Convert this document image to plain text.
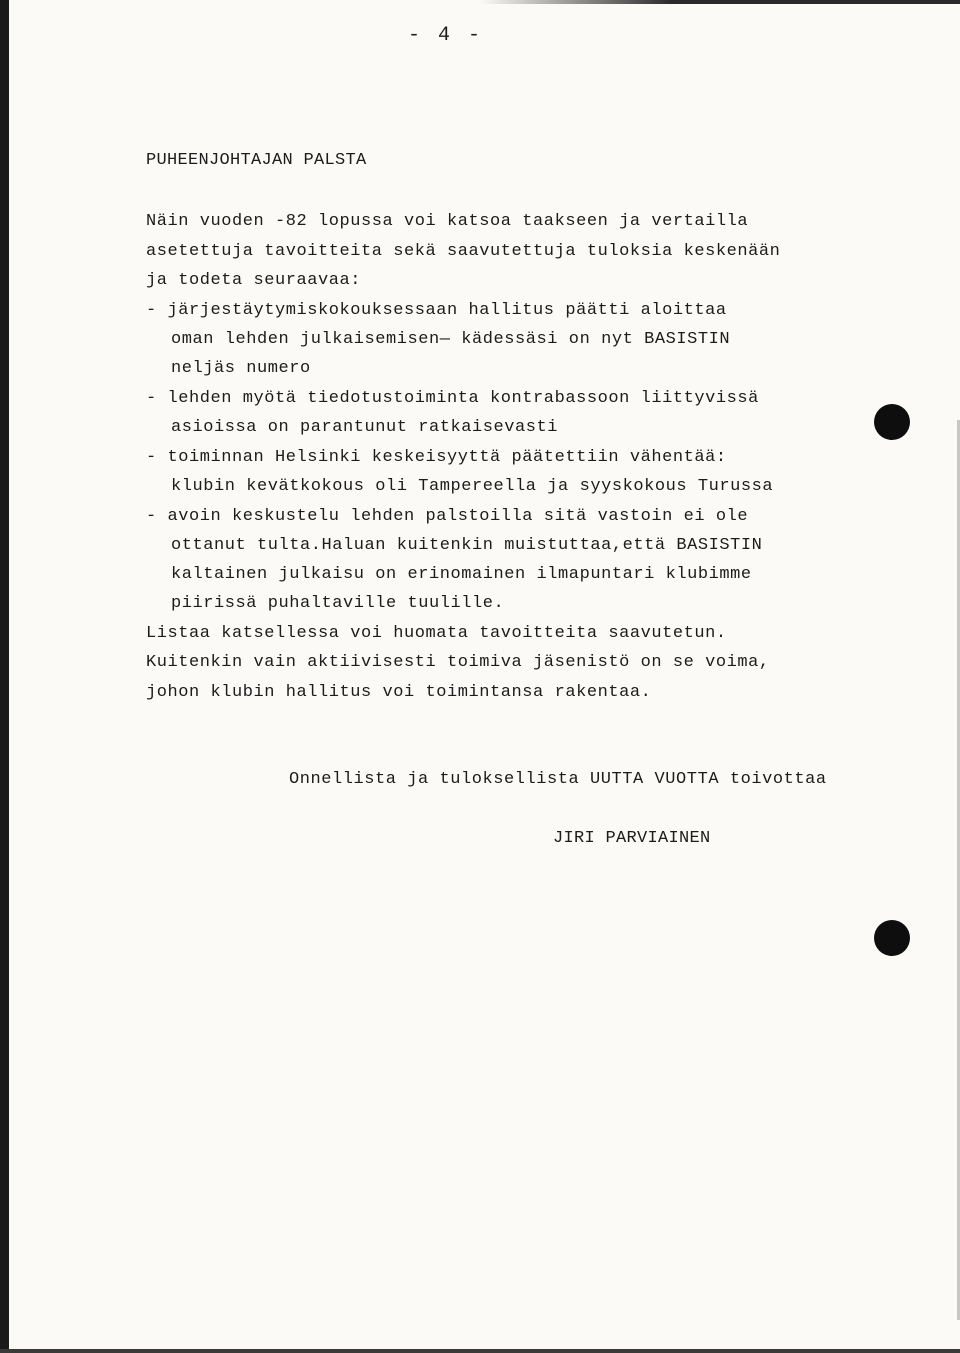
- 4 -
PUHEENJOHTAJAN PALSTA
Näin vuoden -82 lopussa voi katsoa taakseen ja vertailla
asetettuja tavoitteita sekä saavutettuja tuloksia keskenään
ja todeta seuraavaa:
- järjestäytymiskokouksessaan hallitus päätti aloittaa
oman lehden julkaisemisen— kädessäsi on nyt BASISTIN
neljäs numero
- lehden myötä tiedotustoiminta kontrabassoon liittyvissä
asioissa on parantunut ratkaisevasti
- toiminnan Helsinki keskeisyyttä päätettiin vähentää:
klubin kevätkokous oli Tampereella ja syyskokous Turussa
- avoin keskustelu lehden palstoilla sitä vastoin ei ole
ottanut tulta.Haluan kuitenkin muistuttaa,että BASISTIN
kaltainen julkaisu on erinomainen ilmapuntari klubimme
piirissä puhaltaville tuulille.
Listaa katsellessa voi huomata tavoitteita saavutetun.
Kuitenkin vain aktiivisesti toimiva jäsenistö on se voima,
johon klubin hallitus voi toimintansa rakentaa.
Onnellista ja tuloksellista UUTTA VUOTTA toivottaa
JIRI PARVIAINEN
